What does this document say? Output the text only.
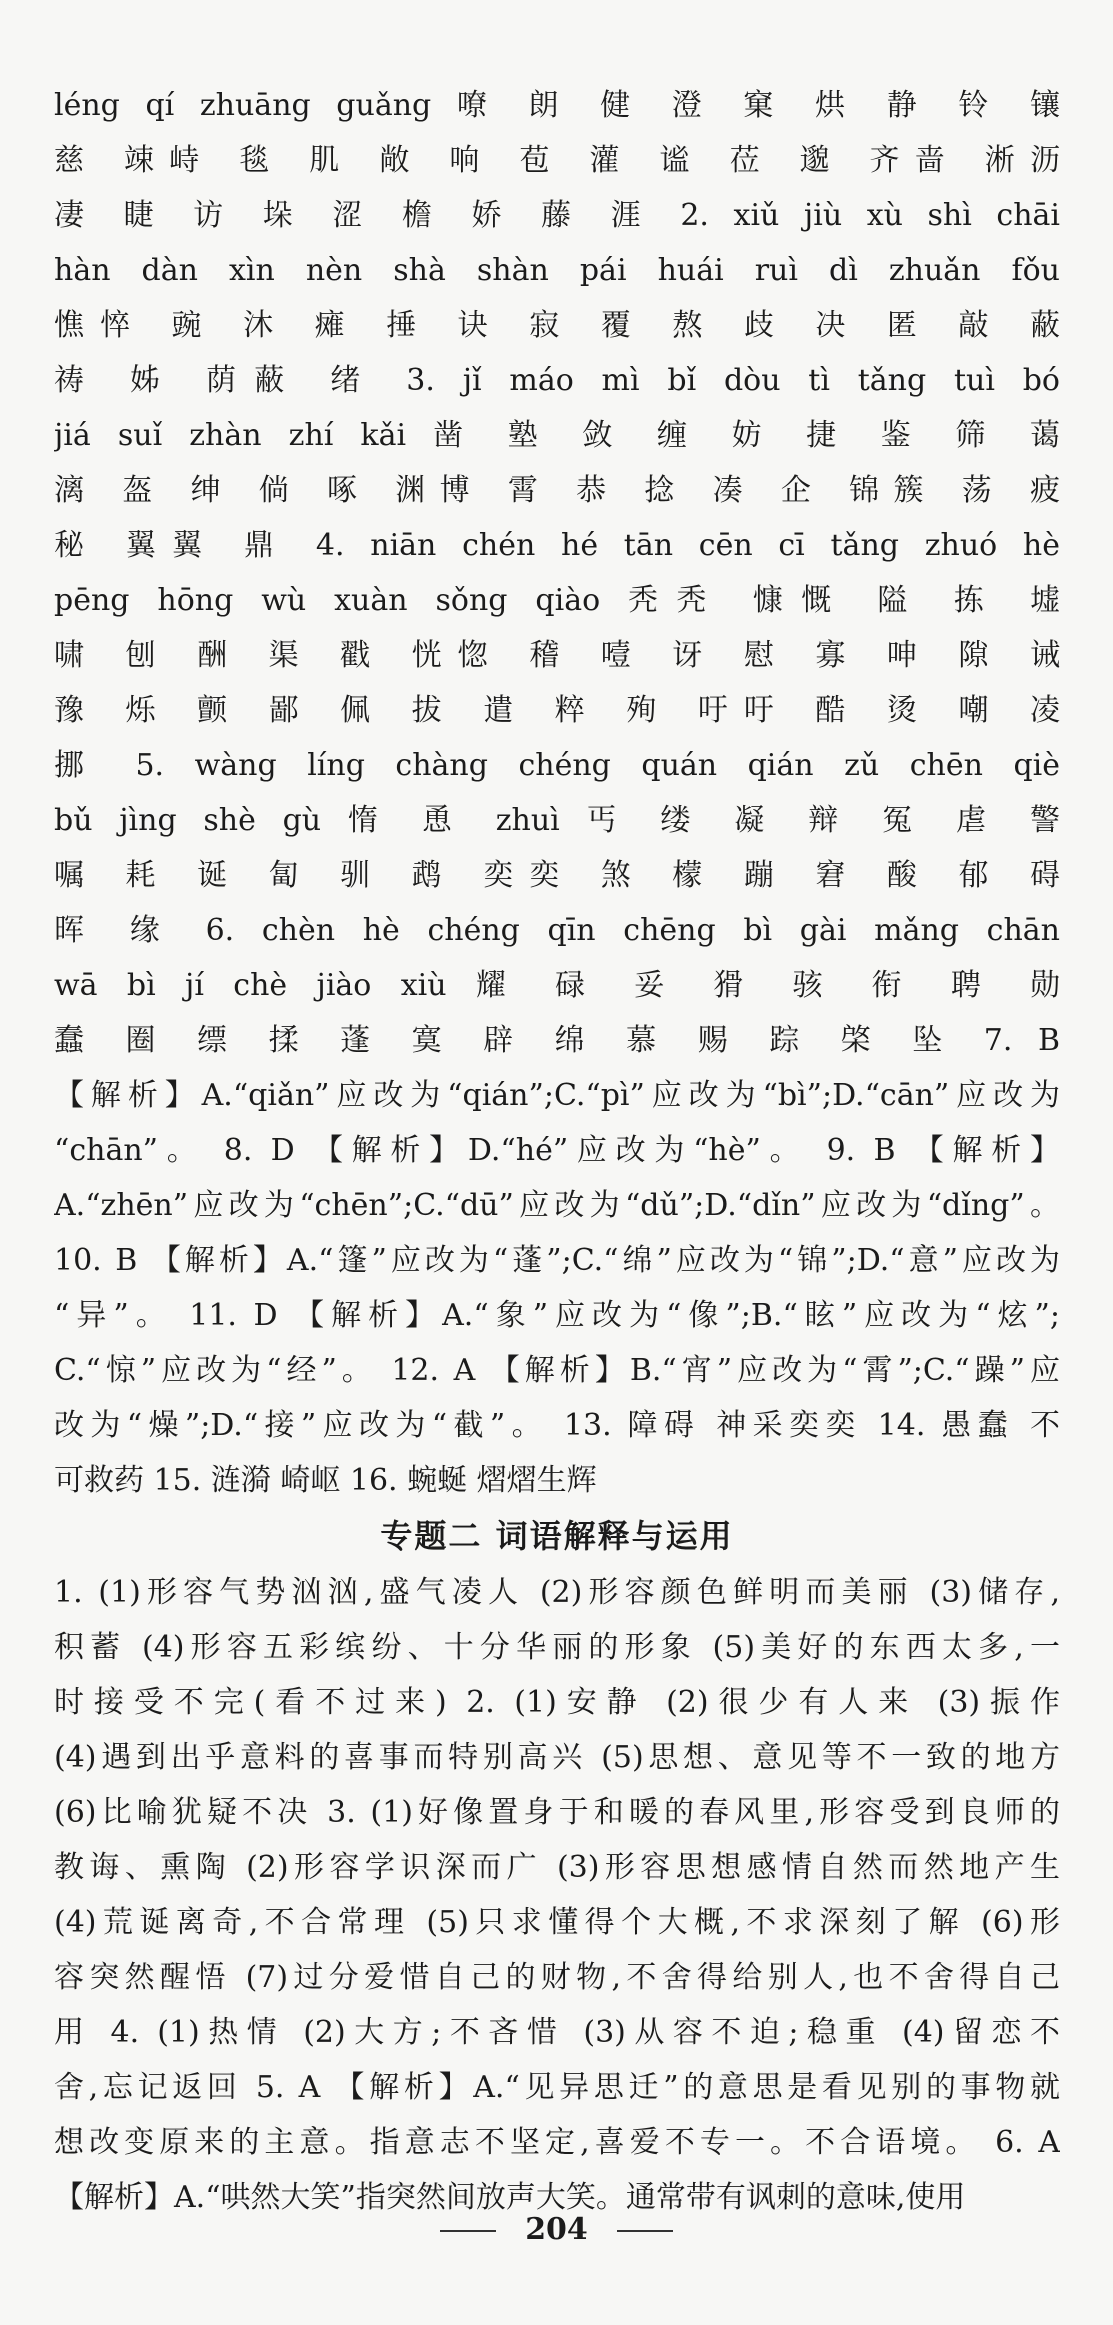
léng qí zhuāng guǎng 嘹 朗 健 澄 窠 烘 静 铃 镶
慈 竦峙 毯 肌 敞 响 苞 灌 谧 莅 邈 齐啬 淅沥
凄 睫 访 垛 涩 檐 娇 藤 涯 2. xiǔ jiù xù shì chāi
hàn dàn xìn nèn shà shàn pái huái ruì dì zhuǎn fǒu
憔悴 豌 沐 瘫 捶 诀 寂 覆 熬 歧 决 匿 敲 蔽
祷 姊 荫蔽 绪 3. jǐ máo mì bǐ dòu tì tǎng tuì bó
jiá suǐ zhàn zhí kǎi 凿 塾 敛 缠 妨 捷 鉴 筛 蔼
漓 盔 绅 倘 啄 渊博 霄 恭 捻 凑 企 锦簇 荡 疲
秘 翼翼 鼎 4. niān chén hé tān cēn cī tǎng zhuó hè
pēng hōng wù xuàn sǒng qiào 秃秃 慷慨 隘 拣 墟
啸 刨 酬 渠 戳 恍惚 稽 噎 讶 慰 寡 呻 隙 诫
豫 烁 颤 鄙 佩 拔 遣 粹 殉 吁吁 酷 烫 嘲 凌
挪 5. wàng líng chàng chéng quán qián zǔ chēn qiè
bǔ jìng shè gù 惰 恿 zhuì 丐 缕 凝 辩 冤 虐 警
嘱 耗 诞 匐 驯 鹉 奕奕 煞 檬 蹦 窘 酸 郁 碍
晖 缘 6. chèn hè chéng qīn chēng bì gài mǎng chān
wā bì jí chè jiào xiù 耀 碌 妥 猾 骇 衔 聘 勋
蠢 圈 缥 揉 蓬 寞 辟 绵 慕 赐 踪 棨 坠 7. B
【解析】A.“qiǎn”应改为“qián”;C.“pì”应改为“bì”;D.“cān”应改为
“chān”。 8. D 【解析】D.“hé”应改为“hè”。 9. B 【解析】
A.“zhēn”应改为“chēn”;C.“dū”应改为“dǔ”;D.“dǐn”应改为“dǐng”。
10. B 【解析】A.“篷”应改为“蓬”;C.“绵”应改为“锦”;D.“意”应改为
“异”。 11. D 【解析】A.“象”应改为“像”;B.“眩”应改为“炫”;
C.“惊”应改为“经”。 12. A 【解析】B.“宵”应改为“霄”;C.“躁”应
改为“燥”;D.“接”应改为“截”。 13. 障碍 神采奕奕 14. 愚蠢 不
可救药 15. 涟漪 崎岖 16. 蜿蜒 熠熠生辉
专题二 词语解释与运用
1. (1)形容气势汹汹,盛气凌人 (2)形容颜色鲜明而美丽 (3)储存,
积蓄 (4)形容五彩缤纷、十分华丽的形象 (5)美好的东西太多,一
时接受不完(看不过来) 2. (1)安静 (2)很少有人来 (3)振作
(4)遇到出乎意料的喜事而特别高兴 (5)思想、意见等不一致的地方
(6)比喻犹疑不决 3. (1)好像置身于和暖的春风里,形容受到良师的
教诲、熏陶 (2)形容学识深而广 (3)形容思想感情自然而然地产生
(4)荒诞离奇,不合常理 (5)只求懂得个大概,不求深刻了解 (6)形
容突然醒悟 (7)过分爱惜自己的财物,不舍得给别人,也不舍得自己
用 4. (1)热情 (2)大方;不吝惜 (3)从容不迫;稳重 (4)留恋不
舍,忘记返回 5. A 【解析】A.“见异思迁”的意思是看见别的事物就
想改变原来的主意。指意志不坚定,喜爱不专一。不合语境。 6. A
【解析】A.“哄然大笑”指突然间放声大笑。通常带有讽刺的意味,使用
204
